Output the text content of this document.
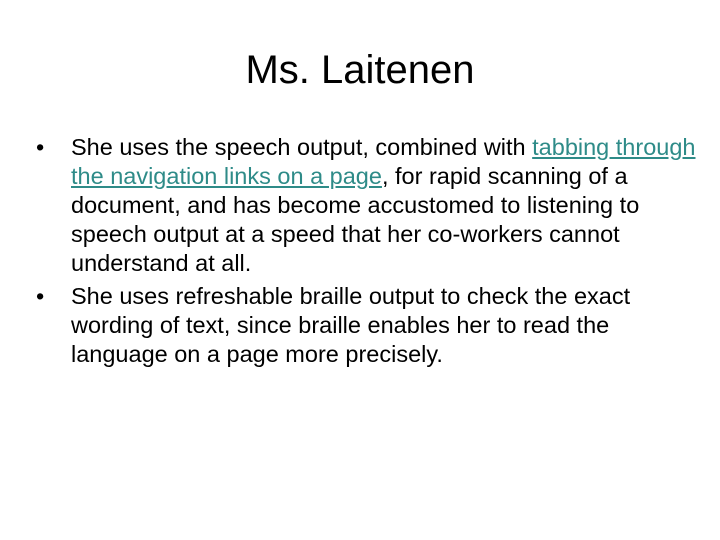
Ms. Laitenen
• She uses the speech output, combined with tabbing through the navigation links on a page, for rapid scanning of a document, and has become accustomed to listening to speech output at a speed that her co-workers cannot understand at all.
• She uses refreshable braille output to check the exact wording of text, since braille enables her to read the language on a page more precisely.
